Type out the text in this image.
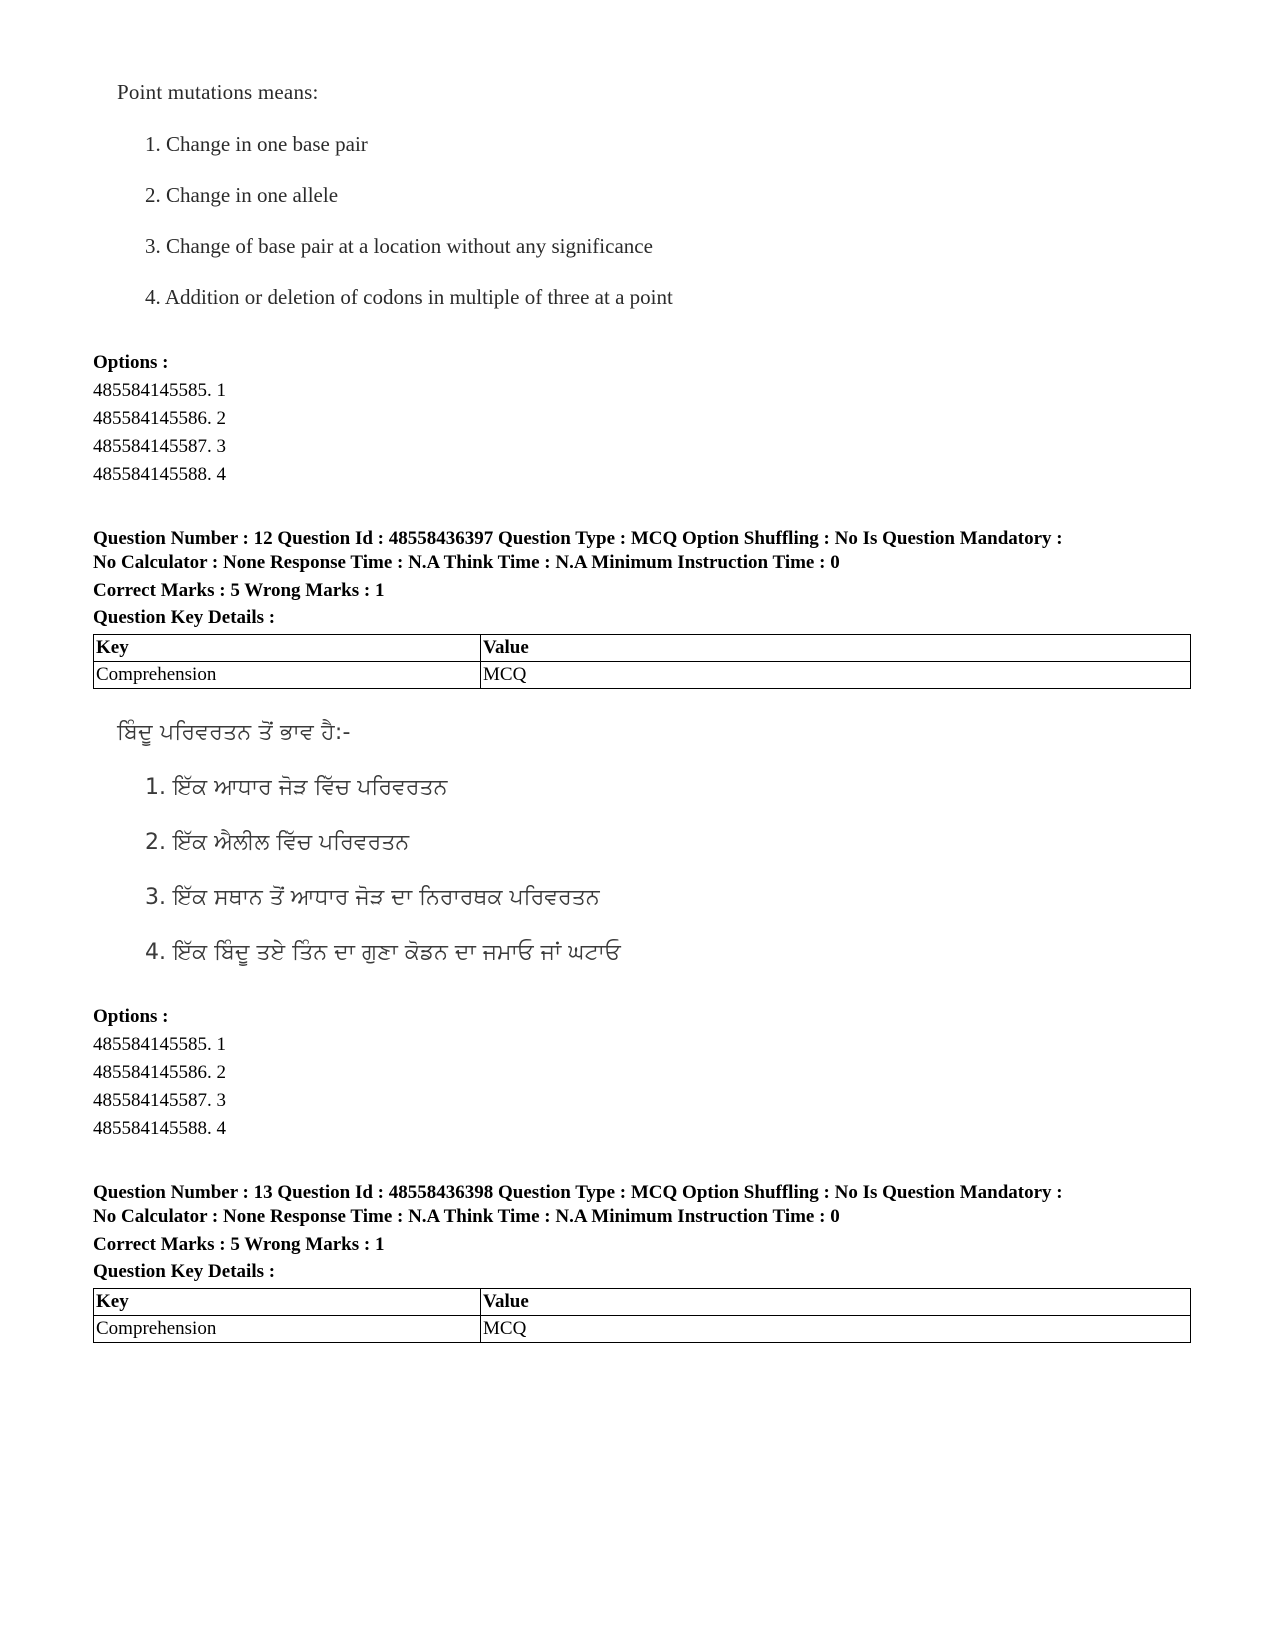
Point mutations means:
1. Change in one base pair
2. Change in one allele
3. Change of base pair at a location without any significance
4. Addition or deletion of codons in multiple of three at a point
Options :
485584145585. 1
485584145586. 2
485584145587. 3
485584145588. 4
Question Number : 12 Question Id : 48558436397 Question Type : MCQ Option Shuffling : No Is Question Mandatory :
No Calculator : None Response Time : N.A Think Time : N.A Minimum Instruction Time : 0
Correct Marks : 5 Wrong Marks : 1
Question Key Details :
Key	Value
Comprehension	MCQ
ਬਿੰਦੂ ਪਰਿਵਰਤਨ ਤੋਂ ਭਾਵ ਹੈ:-
1. ਇੱਕ ਆਧਾਰ ਜੋੜ ਵਿੱਚ ਪਰਿਵਰਤਨ
2. ਇੱਕ ਐਲੀਲ ਵਿੱਚ ਪਰਿਵਰਤਨ
3. ਇੱਕ ਸਥਾਨ ਤੋਂ ਆਧਾਰ ਜੋੜ ਦਾ ਨਿਰਾਰਥਕ ਪਰਿਵਰਤਨ
4. ਇੱਕ ਬਿੰਦੂ ਤਏ ਤਿੰਨ ਦਾ ਗੁਣਾ ਕੋਡਨ ਦਾ ਜਮਾਓ ਜਾਂ ਘਟਾਓ
Options :
485584145585. 1
485584145586. 2
485584145587. 3
485584145588. 4
Question Number : 13 Question Id : 48558436398 Question Type : MCQ Option Shuffling : No Is Question Mandatory :
No Calculator : None Response Time : N.A Think Time : N.A Minimum Instruction Time : 0
Correct Marks : 5 Wrong Marks : 1
Question Key Details :
Key	Value
Comprehension	MCQ
